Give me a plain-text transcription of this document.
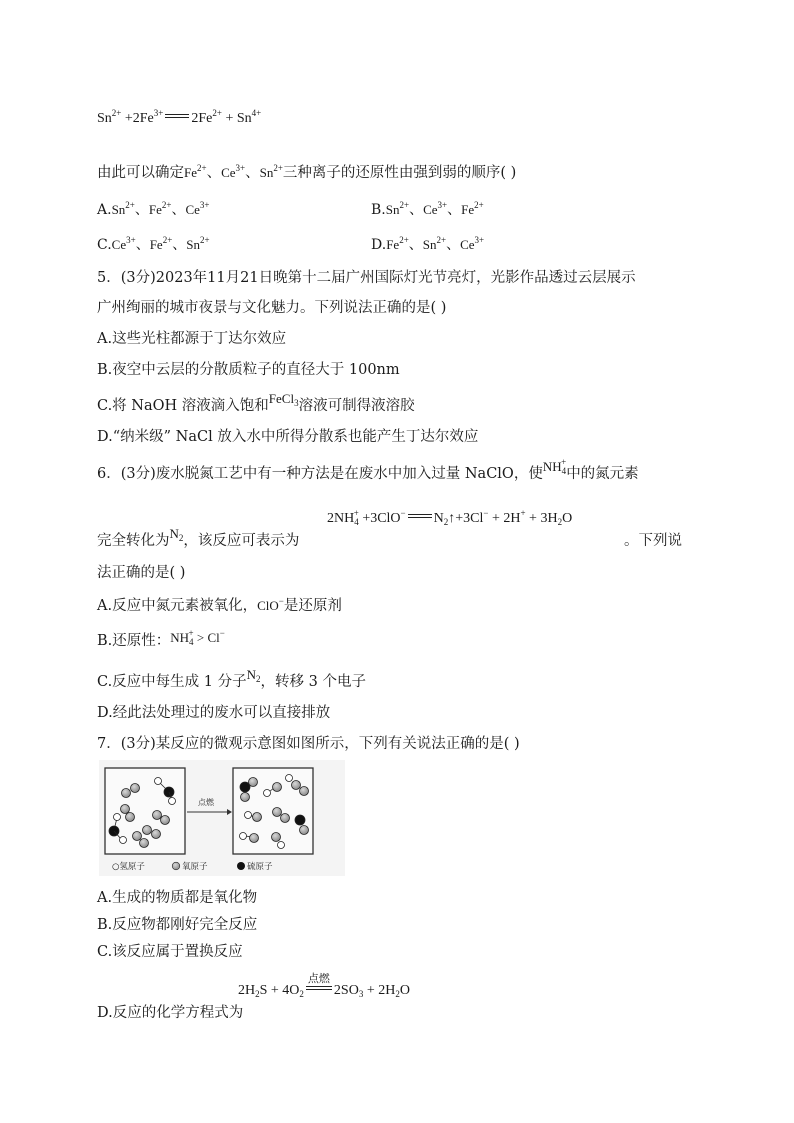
$Sn^{2+} +2Fe^{3+}$ $2Fe^{2+} + Sn^{4+}$
由此可以确定$Fe^{2+}$、$Ce^{3+}$、$Sn^{2+}$三种离子的还原性由强到弱的顺序( )
$A.Sn^{2+}$、$Fe^{2+}$、$Ce^{3+}$	$B.Sn^{2+}$、$Ce^{3+}$、$Fe^{2+}$
$C.Ce^{3+}$、$Fe^{2+}$、$Sn^{2+}$	$D.Fe^{2+}$、$Sn^{2+}$、$Ce^{3+}$
5．(3分)2023年11月21日晚第十二届广州国际灯光节亮灯，光影作品透过云层展示
广州绚丽的城市夜景与文化魅力。下列说法正确的是( )
A.这些光柱都源于丁达尔效应
B.夜空中云层的分散质粒子的直径大于 100nm
C.将 NaOH 溶液滴入饱和FeCl$_3$溶液可制得液溶胶
D.“纳米级” NaCl 放入水中所得分散系也能产生丁达尔效应
6．(3分)废水脱氮工艺中有一种方法是在废水中加入过量 NaClO，使$NH_4^+$中的氮元素
$2NH_4^+ +3ClO^-$ $N_2↑+3Cl^- + 2H^+ + 3H_2O$
完全转化为$N_2$，该反应可表示为	。下列说
法正确的是( )
A.反应中氮元素被氧化，ClO−是还原剂
B.还原性：$NH_4^+ > Cl^-$
C.反应中每生成 1 分子$N_2$，转移 3 个电子
D.经此法处理过的废水可以直接排放
7．(3分)某反应的微观示意图如图所示，下列有关说法正确的是( )
点燃
○氢原子	氧原子	硫原子
A.生成的物质都是氧化物
B.反应物都刚好完全反应
C.该反应属于置换反应
$2H_2S + 4O_2$
点燃
$2SO_3 + 2H_2O$
D.反应的化学方程式为
